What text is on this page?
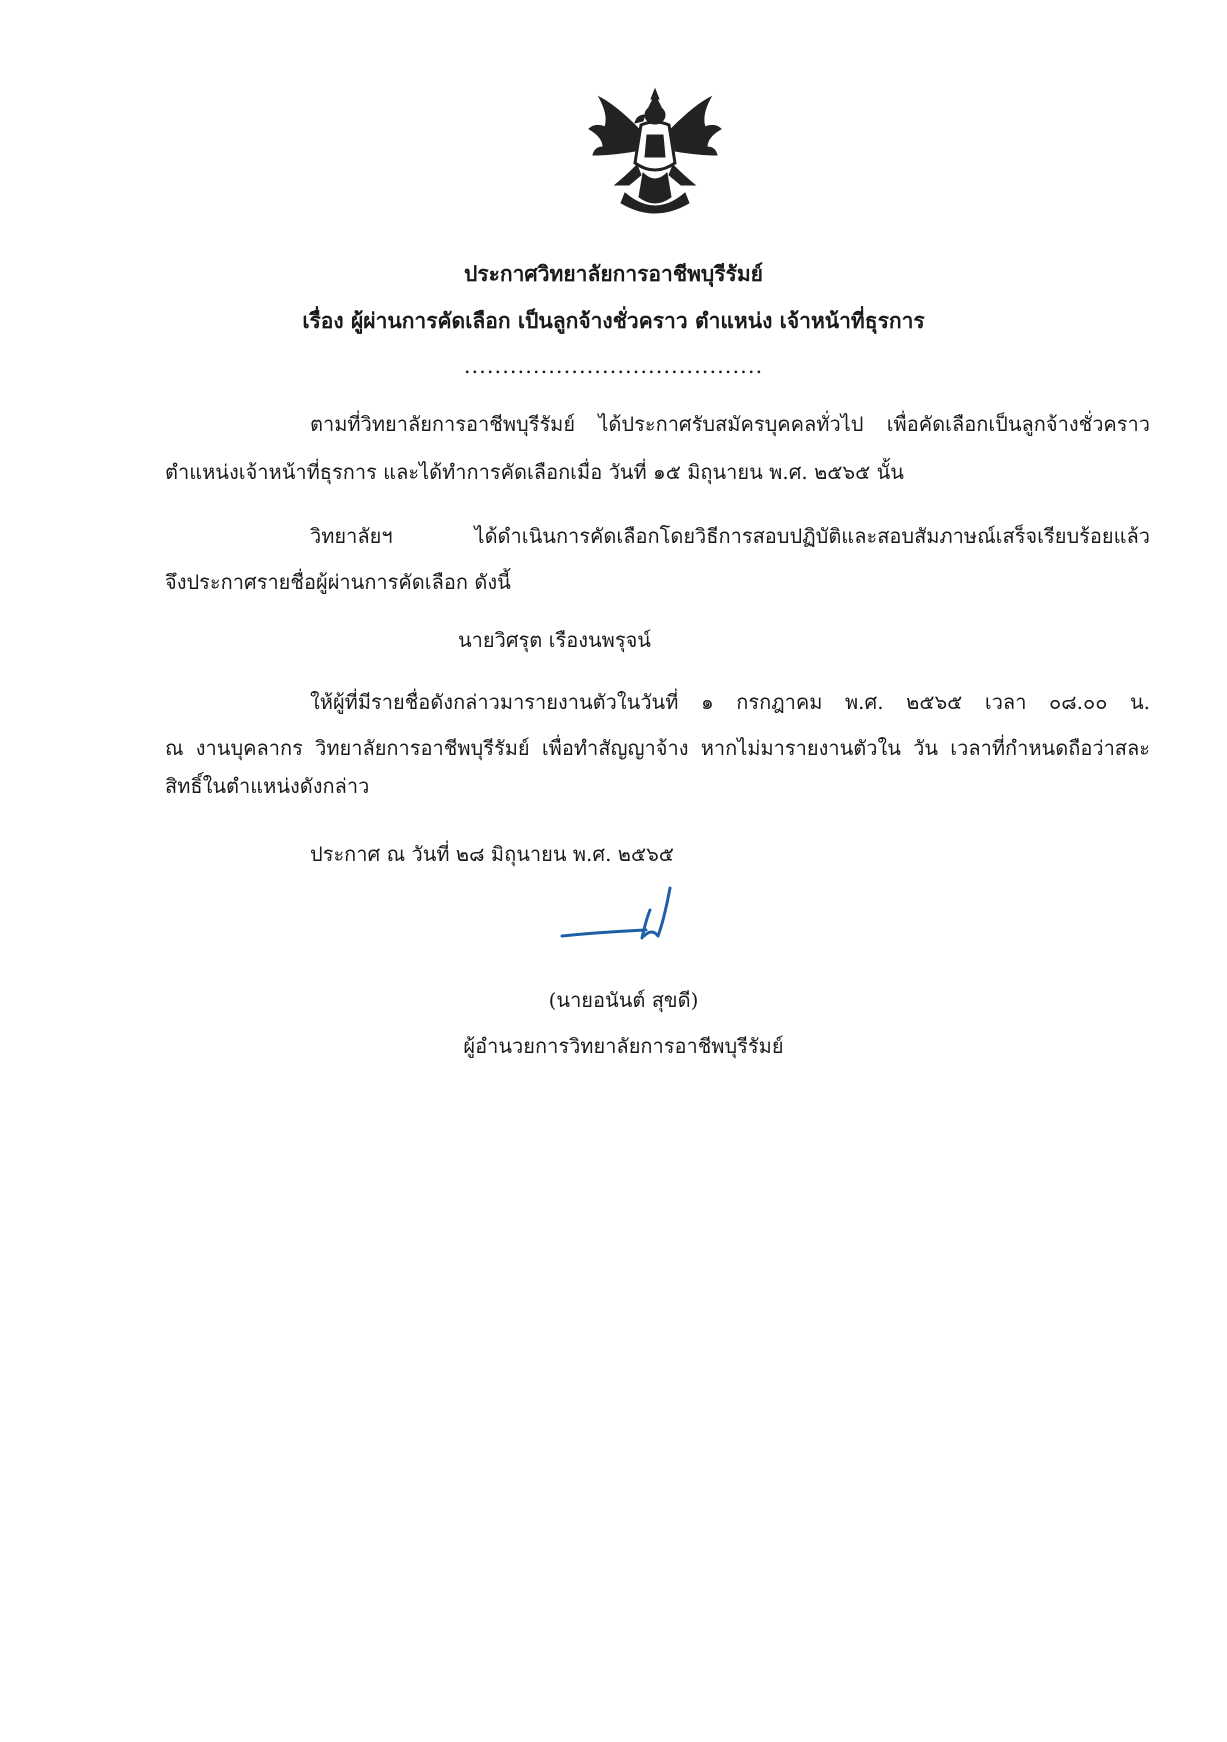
ประกาศวิทยาลัยการอาชีพบุรีรัมย์
เรื่อง ผู้ผ่านการคัดเลือก เป็นลูกจ้างชั่วคราว ตำแหน่ง เจ้าหน้าที่ธุรการ
.......................................
ตามที่วิทยาลัยการอาชีพบุรีรัมย์ ได้ประกาศรับสมัครบุคคลทั่วไป เพื่อคัดเลือกเป็นลูกจ้างชั่วคราว
ตำแหน่งเจ้าหน้าที่ธุรการ และได้ทำการคัดเลือกเมื่อ วันที่ ๑๕ มิถุนายน พ.ศ. ๒๕๖๕ นั้น
วิทยาลัยฯ ได้ดำเนินการคัดเลือกโดยวิธีการสอบปฏิบัติและสอบสัมภาษณ์เสร็จเรียบร้อยแล้ว
จึงประกาศรายชื่อผู้ผ่านการคัดเลือก ดังนี้
นายวิศรุต เรืองนพรุจน์
ให้ผู้ที่มีรายชื่อดังกล่าวมารายงานตัวในวันที่ ๑ กรกฎาคม พ.ศ. ๒๕๖๕ เวลา ๐๘.๐๐ น.
ณ งานบุคลากร วิทยาลัยการอาชีพบุรีรัมย์ เพื่อทำสัญญาจ้าง หากไม่มารายงานตัวใน วัน เวลาที่กำหนดถือว่าสละ
สิทธิ์ในตำแหน่งดังกล่าว
ประกาศ ณ วันที่ ๒๘ มิถุนายน พ.ศ. ๒๕๖๕
(นายอนันต์ สุขดี)
ผู้อำนวยการวิทยาลัยการอาชีพบุรีรัมย์
